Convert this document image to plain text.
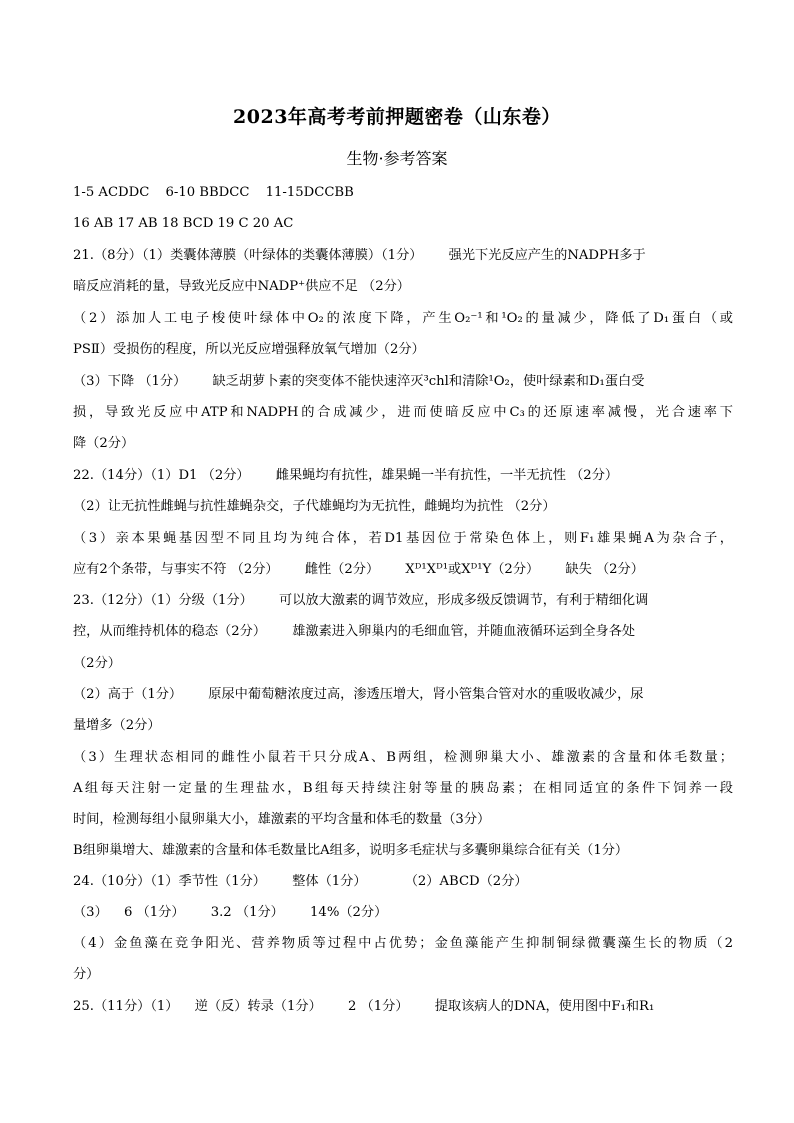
2023年高考考前押题密卷（山东卷）
生物·参考答案
1-5 ACDDC 6-10 BBDCC 11-15DCCBB
16 AB 17 AB 18 BCD 19 C 20 AC
21.（8分）（1）类囊体薄膜（叶绿体的类囊体薄膜）（1分） 强光下光反应产生的NADPH多于
暗反应消耗的量，导致光反应中NADP⁺供应不足 （2分）
（2）添加人工电子梭使叶绿体中O₂的浓度下降，产生O₂⁻¹和¹O₂的量减少，降低了D₁蛋白（或
PSⅡ）受损伤的程度，所以光反应增强释放氧气增加（2分）
（3）下降 （1分） 缺乏胡萝卜素的突变体不能快速淬灭³chl和清除¹O₂，使叶绿素和D₁蛋白受
损，导致光反应中ATP和NADPH的合成减少，进而使暗反应中C₃的还原速率减慢，光合速率下
降（2分）
22.（14分）（1）D1 （2分） 雌果蝇均有抗性，雄果蝇一半有抗性，一半无抗性 （2分）
（2）让无抗性雌蝇与抗性雄蝇杂交，子代雄蝇均为无抗性，雌蝇均为抗性 （2分）
（3）亲本果蝇基因型不同且均为纯合体，若D1基因位于常染色体上，则F₁雄果蝇A为杂合子，
应有2个条带，与事实不符 （2分） 雌性（2分） Xᴰ¹Xᴰ¹或Xᴰ¹Y（2分） 缺失 （2分）
23.（12分）（1）分级（1分） 可以放大激素的调节效应，形成多级反馈调节，有利于精细化调
控，从而维持机体的稳态（2分） 雄激素进入卵巢内的毛细血管，并随血液循环运到全身各处
（2分）
（2）高于（1分） 原尿中葡萄糖浓度过高，渗透压增大，肾小管集合管对水的重吸收减少，尿
量增多（2分）
（3）生理状态相同的雌性小鼠若干只分成A、B两组，检测卵巢大小、雄激素的含量和体毛数量；
A组每天注射一定量的生理盐水，B组每天持续注射等量的胰岛素；在相同适宜的条件下饲养一段
时间，检测每组小鼠卵巢大小，雄激素的平均含量和体毛的数量（3分）
B组卵巢增大、雄激素的含量和体毛数量比A组多，说明多毛症状与多囊卵巢综合征有关（1分）
24.（10分）（1）季节性（1分） 整体（1分）	（2）ABCD（2分）
（3） 6 （1分） 3.2 （1分） 14%（2分）
（4）金鱼藻在竞争阳光、营养物质等过程中占优势；金鱼藻能产生抑制铜绿微囊藻生长的物质（2
分）
25.（11分）（1） 逆（反）转录（1分） 2 （1分） 提取该病人的DNA，使用图中F₁和R₁
